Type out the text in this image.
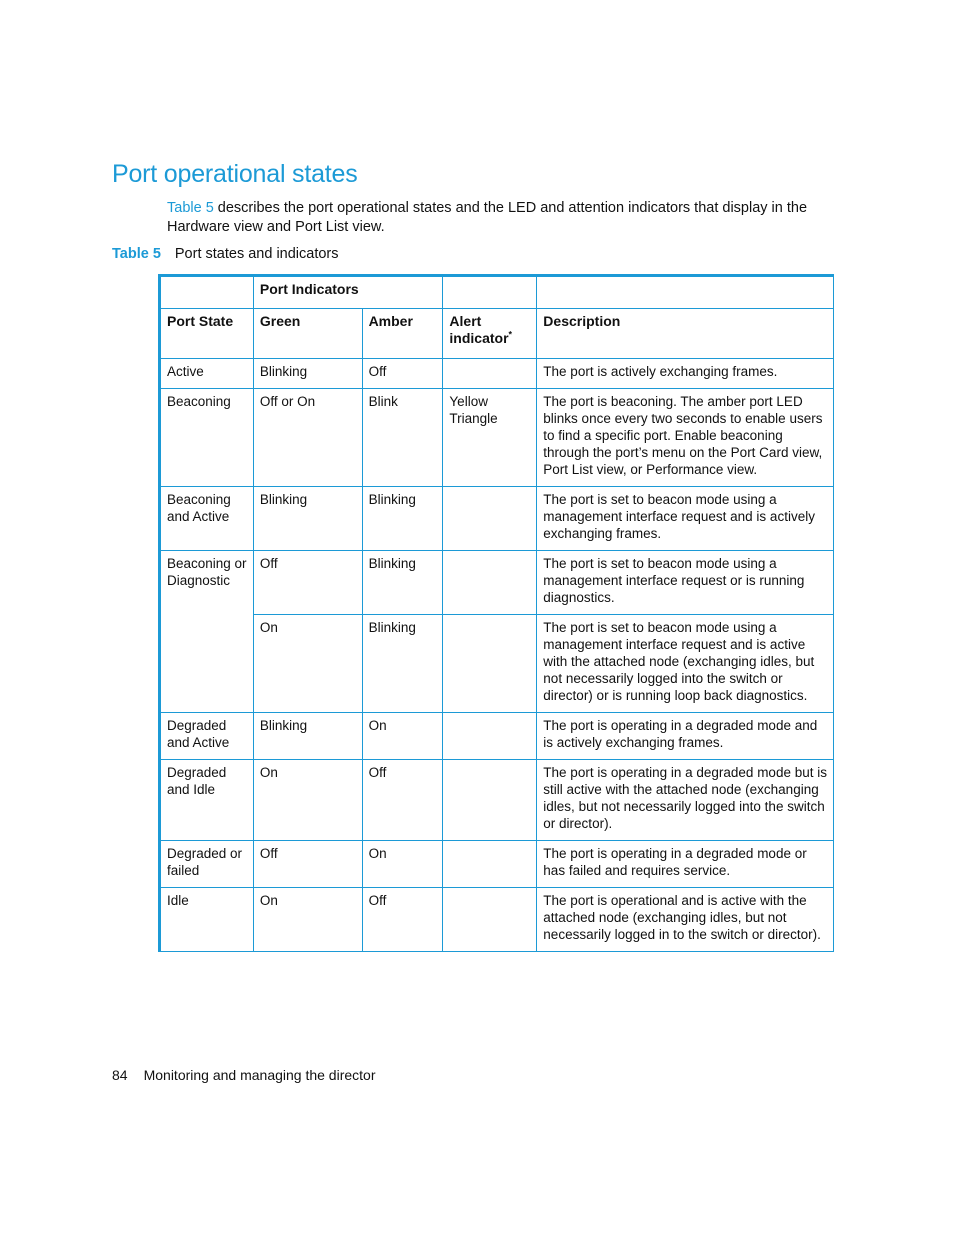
Port operational states

Table 5 describes the port operational states and the LED and attention indicators that display in the Hardware view and Port List view.

Table 5 Port states and indicators

	Port Indicators			
Port State	Green	Amber	Alert indicator*	Description
Active	Blinking	Off		The port is actively exchanging frames.
Beaconing	Off or On	Blink	Yellow Triangle	The port is beaconing. The amber port LED blinks once every two seconds to enable users to find a specific port. Enable beaconing through the port’s menu on the Port Card view, Port List view, or Performance view.
Beaconing and Active	Blinking	Blinking		The port is set to beacon mode using a management interface request and is actively exchanging frames.
Beaconing or Diagnostic	Off	Blinking		The port is set to beacon mode using a management interface request or is running diagnostics.
	On	Blinking		The port is set to beacon mode using a management interface request and is active with the attached node (exchanging idles, but not necessarily logged into the switch or director) or is running loop back diagnostics.
Degraded and Active	Blinking	On		The port is operating in a degraded mode and is actively exchanging frames.
Degraded and Idle	On	Off		The port is operating in a degraded mode but is still active with the attached node (exchanging idles, but not necessarily logged into the switch or director).
Degraded or failed	Off	On		The port is operating in a degraded mode or has failed and requires service.
Idle	On	Off		The port is operational and is active with the attached node (exchanging idles, but not necessarily logged in to the switch or director).

84 Monitoring and managing the director
